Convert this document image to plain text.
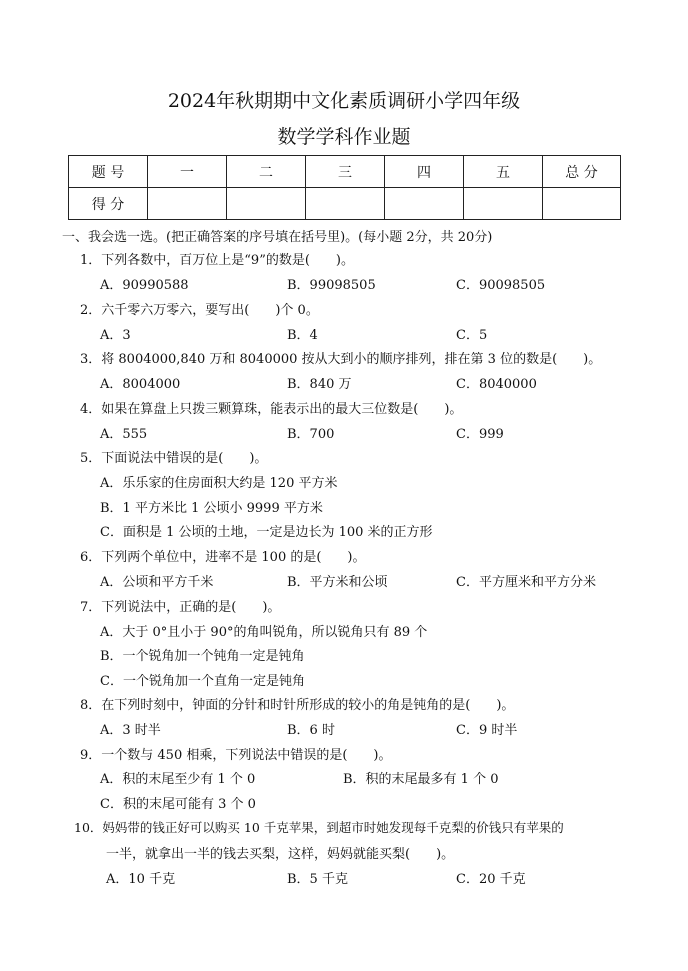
2024年秋期期中文化素质调研小学四年级
数学学科作业题
题 号	一	二	三	四	五	总 分
得 分						
一、我会选一选。(把正确答案的序号填在括号里)。(每小题 2分，共 20分)
1．下列各数中，百万位上是“9”的数是(　　)。
A．90990588	B．99098505	C．90098505
2．六千零六万零六，要写出(　　)个 0。
A．3	B．4	C．5
3．将 8004000,840 万和 8040000 按从大到小的顺序排列，排在第 3 位的数是(　　)。
A．8004000	B．840 万	C．8040000
4．如果在算盘上只拨三颗算珠，能表示出的最大三位数是(　　)。
A．555	B．700	C．999
5．下面说法中错误的是(　　)。
A．乐乐家的住房面积大约是 120 平方米
B．1 平方米比 1 公顷小 9999 平方米
C．面积是 1 公顷的土地，一定是边长为 100 米的正方形
6．下列两个单位中，进率不是 100 的是(　　)。
A．公顷和平方千米	B．平方米和公顷	C．平方厘米和平方分米
7．下列说法中，正确的是(　　)。
A．大于 0°且小于 90°的角叫锐角，所以锐角只有 89 个
B．一个锐角加一个钝角一定是钝角
C．一个锐角加一个直角一定是钝角
8．在下列时刻中，钟面的分针和时针所形成的较小的角是钝角的是(　　)。
A．3 时半	B．6 时	C．9 时半
9．一个数与 450 相乘，下列说法中错误的是(　　)。
A．积的末尾至少有 1 个 0	B．积的末尾最多有 1 个 0
C．积的末尾可能有 3 个 0
10．妈妈带的钱正好可以购买 10 千克苹果，到超市时她发现每千克梨的价钱只有苹果的
一半，就拿出一半的钱去买梨，这样，妈妈就能买梨(　　)。
A．10 千克	B．5 千克	C．20 千克
